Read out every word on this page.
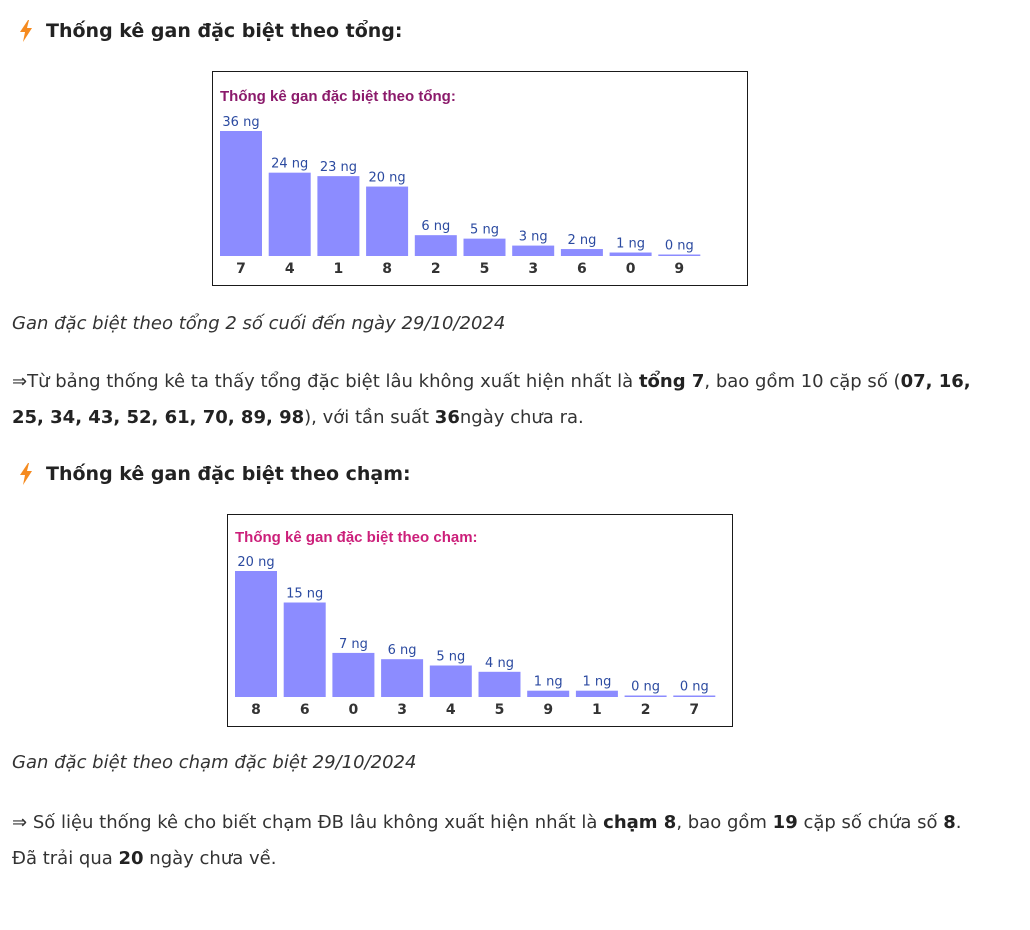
Thống kê gan đặc biệt theo tổng:
Thống kê gan đặc biệt theo tổng:
36 ng
7
24 ng
4
23 ng
1
20 ng
8
6 ng
2
5 ng
5
3 ng
3
2 ng
6
1 ng
0
0 ng
9
Gan đặc biệt theo tổng 2 số cuối đến ngày 29/10/2024
⇒Từ bảng thống kê ta thấy tổng đặc biệt lâu không xuất hiện nhất là tổng 7, bao gồm 10 cặp số (07, 16, 25, 34, 43, 52, 61, 70, 89, 98), với tần suất 36ngày chưa ra.
Thống kê gan đặc biệt theo chạm:
Thống kê gan đặc biệt theo chạm:
20 ng
8
15 ng
6
7 ng
0
6 ng
3
5 ng
4
4 ng
5
1 ng
9
1 ng
1
0 ng
2
0 ng
7
Gan đặc biệt theo chạm đặc biệt 29/10/2024
⇒ Số liệu thống kê cho biết chạm ĐB lâu không xuất hiện nhất là chạm 8, bao gồm 19 cặp số chứa số 8. Đã trải qua 20 ngày chưa về.
